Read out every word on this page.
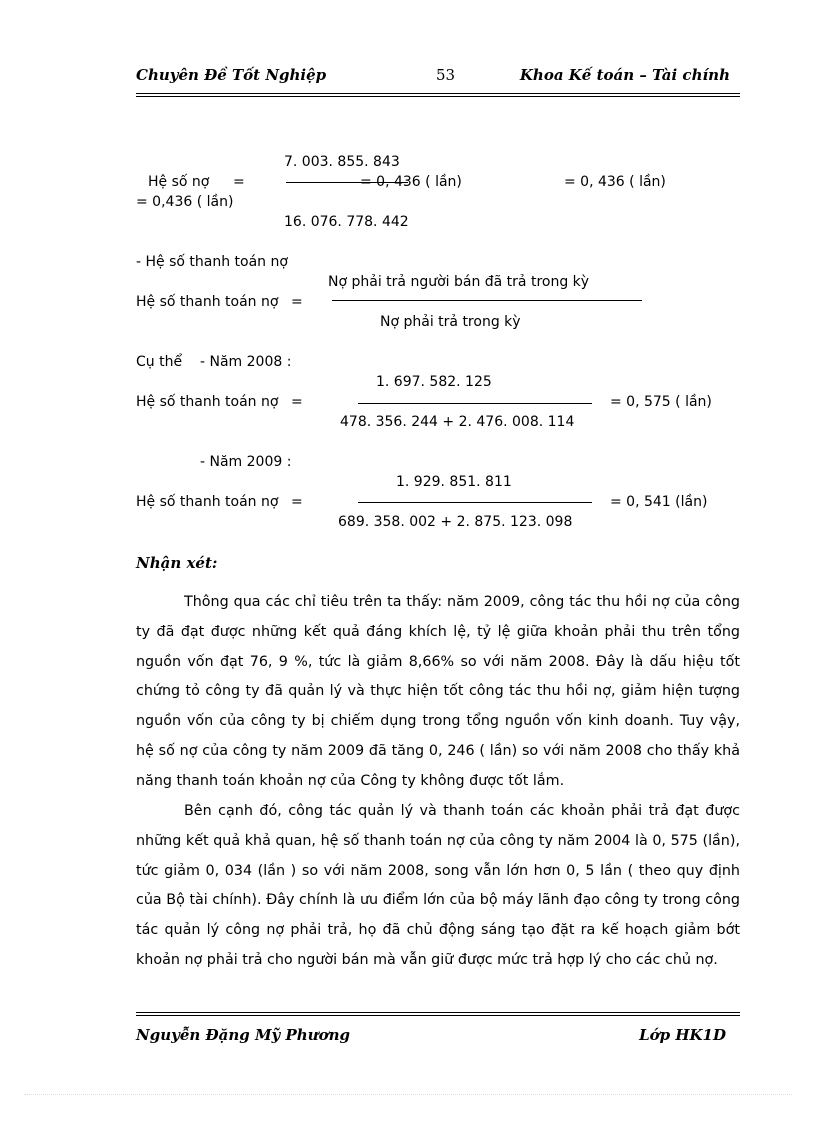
Chuyên Đề Tốt Nghiệp	53	Khoa Kế toán – Tài chính
7. 003. 855. 843
Hệ số nợ =	= 0, 436 ( lần)	= 0, 436 ( lần)
= 0,436 ( lần)
16. 076. 778. 442
- Hệ số thanh toán nợ
Nợ phải trả người bán đã trả trong kỳ
Hệ số thanh toán nợ =
Nợ phải trả trong kỳ
Cụ thể - Năm 2008 :
1. 697. 582. 125
Hệ số thanh toán nợ =	= 0, 575 ( lần)
478. 356. 244 + 2. 476. 008. 114
- Năm 2009 :
1. 929. 851. 811
Hệ số thanh toán nợ =	= 0, 541 (lần)
689. 358. 002 + 2. 875. 123. 098
Nhận xét:

Thông qua các chỉ tiêu trên ta thấy: năm 2009, công tác thu hồi nợ của công ty đã đạt được những kết quả đáng khích lệ, tỷ lệ giữa khoản phải thu trên tổng nguồn vốn đạt 76, 9 %, tức là giảm 8,66% so với năm 2008. Đây là dấu hiệu tốt chứng tỏ công ty đã quản lý và thực hiện tốt công tác thu hồi nợ, giảm hiện tượng nguồn vốn của công ty bị chiếm dụng trong tổng nguồn vốn kinh doanh. Tuy vậy, hệ số nợ của công ty năm 2009 đã tăng 0, 246 ( lần) so với năm 2008 cho thấy khả năng thanh toán khoản nợ của Công ty không được tốt lắm.

Bên cạnh đó, công tác quản lý và thanh toán các khoản phải trả đạt được những kết quả khả quan, hệ số thanh toán nợ của công ty năm 2004 là 0, 575 (lần), tức giảm 0, 034 (lần ) so với năm 2008, song vẫn lớn hơn 0, 5 lần ( theo quy định của Bộ tài chính). Đây chính là ưu điểm lớn của bộ máy lãnh đạo công ty trong công tác quản lý công nợ phải trả, họ đã chủ động sáng tạo đặt ra kế hoạch giảm bớt khoản nợ phải trả cho người bán mà vẫn giữ được mức trả hợp lý cho các chủ nợ.

Nguyễn Đặng Mỹ Phương	Lớp HK1D
